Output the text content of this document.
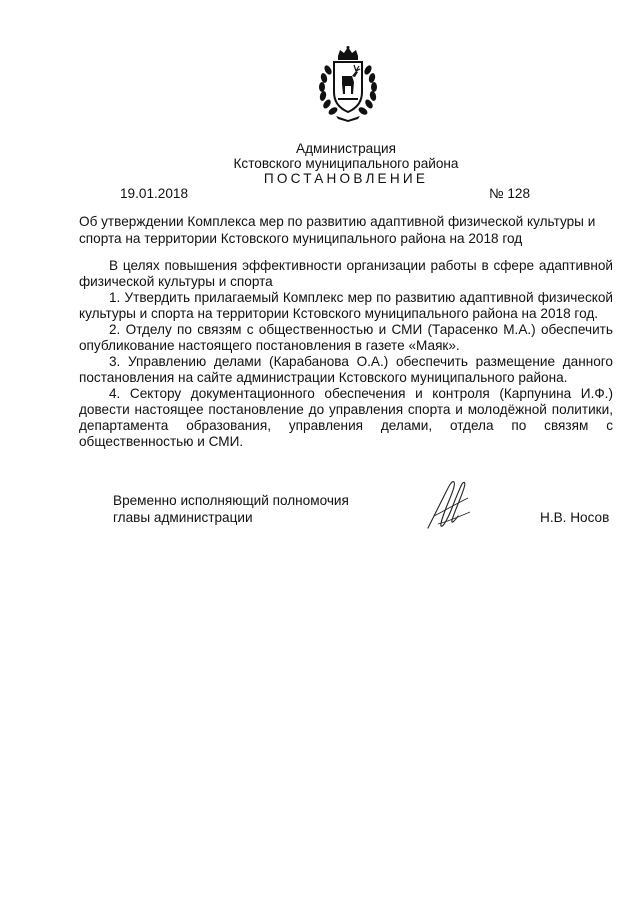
Администрация
Кстовского муниципального района
ПОСТАНОВЛЕНИЕ
19.01.2018	№ 128
Об утверждении Комплекса мер по развитию адаптивной физической культуры и спорта на территории Кстовского муниципального района на 2018 год

В целях повышения эффективности организации работы в сфере адаптивной физической культуры и спорта

1. Утвердить прилагаемый Комплекс мер по развитию адаптивной физической культуры и спорта на территории Кстовского муниципального района на 2018 год.

2. Отделу по связям с общественностью и СМИ (Тарасенко М.А.) обеспечить опубликование настоящего постановления в газете «Маяк».

3. Управлению делами (Карабанова О.А.) обеспечить размещение данного постановления на сайте администрации Кстовского муниципального района.

4. Сектору документационного обеспечения и контроля (Карпунина И.Ф.) довести настоящее постановление до управления спорта и молодёжной политики, департамента образования, управления делами, отдела по связям с общественностью и СМИ.

Временно исполняющий полномочия
главы администрации	Н.В. Носов
